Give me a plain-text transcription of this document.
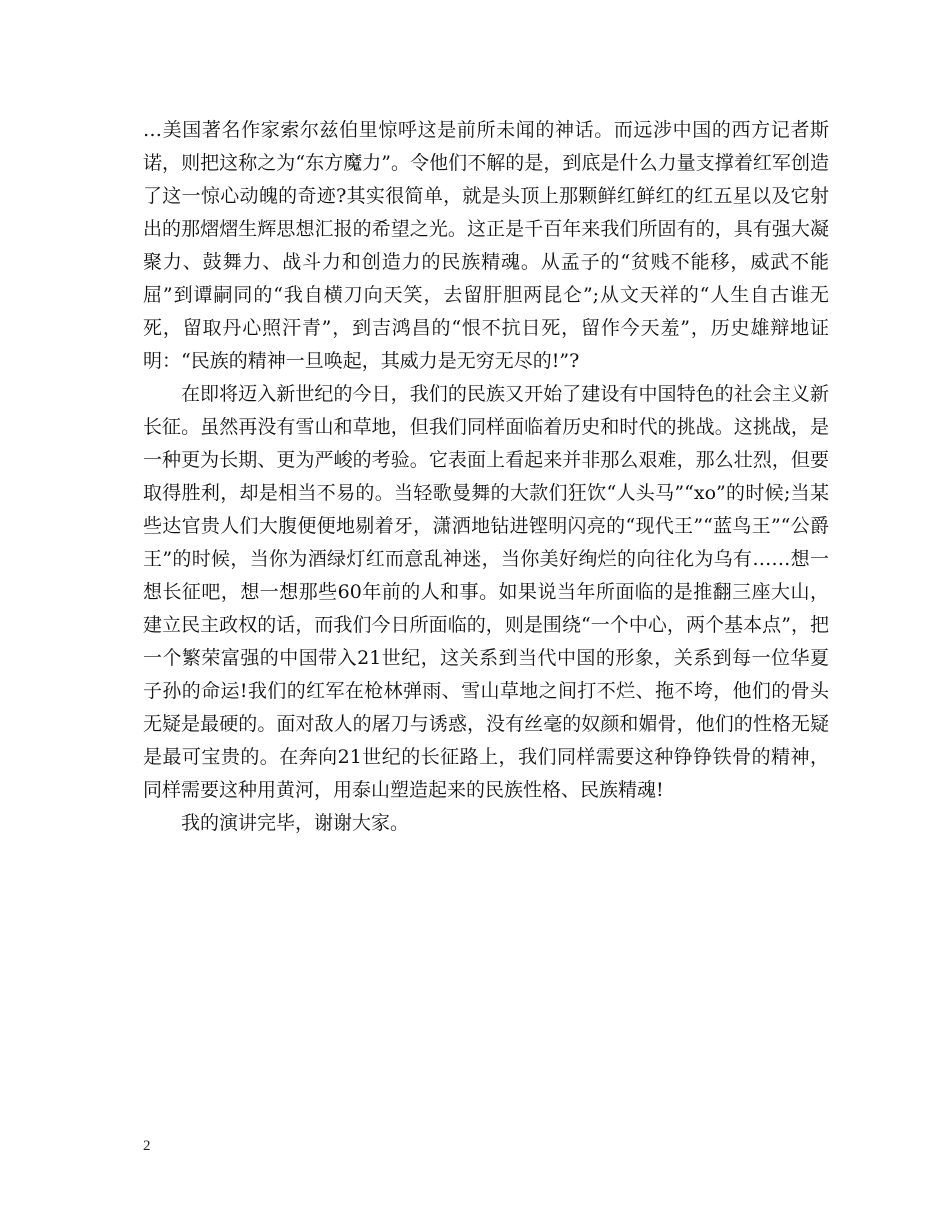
…美国著名作家索尔兹伯里惊呼这是前所未闻的神话。而远涉中国的西方记者斯诺，则把这称之为“东方魔力”。令他们不解的是，到底是什么力量支撑着红军创造了这一惊心动魄的奇迹?其实很简单，就是头顶上那颗鲜红鲜红的红五星以及它射出的那熠熠生辉思想汇报的希望之光。这正是千百年来我们所固有的，具有强大凝聚力、鼓舞力、战斗力和创造力的民族精魂。从孟子的“贫贱不能移，威武不能屈”到谭嗣同的“我自横刀向天笑，去留肝胆两昆仑”;从文天祥的“人生自古谁无死，留取丹心照汗青”，到吉鸿昌的“恨不抗日死，留作今天羞”，历史雄辩地证明：“民族的精神一旦唤起，其威力是无穷无尽的!”?

在即将迈入新世纪的今日，我们的民族又开始了建设有中国特色的社会主义新长征。虽然再没有雪山和草地，但我们同样面临着历史和时代的挑战。这挑战，是一种更为长期、更为严峻的考验。它表面上看起来并非那么艰难，那么壮烈，但要取得胜利，却是相当不易的。当轻歌曼舞的大款们狂饮“人头马”“xo”的时候;当某些达官贵人们大腹便便地剔着牙，潇洒地钻进铿明闪亮的“现代王”“蓝鸟王”“公爵王”的时候，当你为酒绿灯红而意乱神迷，当你美好绚烂的向往化为乌有……想一想长征吧，想一想那些60年前的人和事。如果说当年所面临的是推翻三座大山，建立民主政权的话，而我们今日所面临的，则是围绕“一个中心，两个基本点”，把一个繁荣富强的中国带入21世纪，这关系到当代中国的形象，关系到每一位华夏子孙的命运!我们的红军在枪林弹雨、雪山草地之间打不烂、拖不垮，他们的骨头无疑是最硬的。面对敌人的屠刀与诱惑，没有丝毫的奴颜和媚骨，他们的性格无疑是最可宝贵的。在奔向21世纪的长征路上，我们同样需要这种铮铮铁骨的精神，同样需要这种用黄河，用泰山塑造起来的民族性格、民族精魂!

我的演讲完毕，谢谢大家。

2
